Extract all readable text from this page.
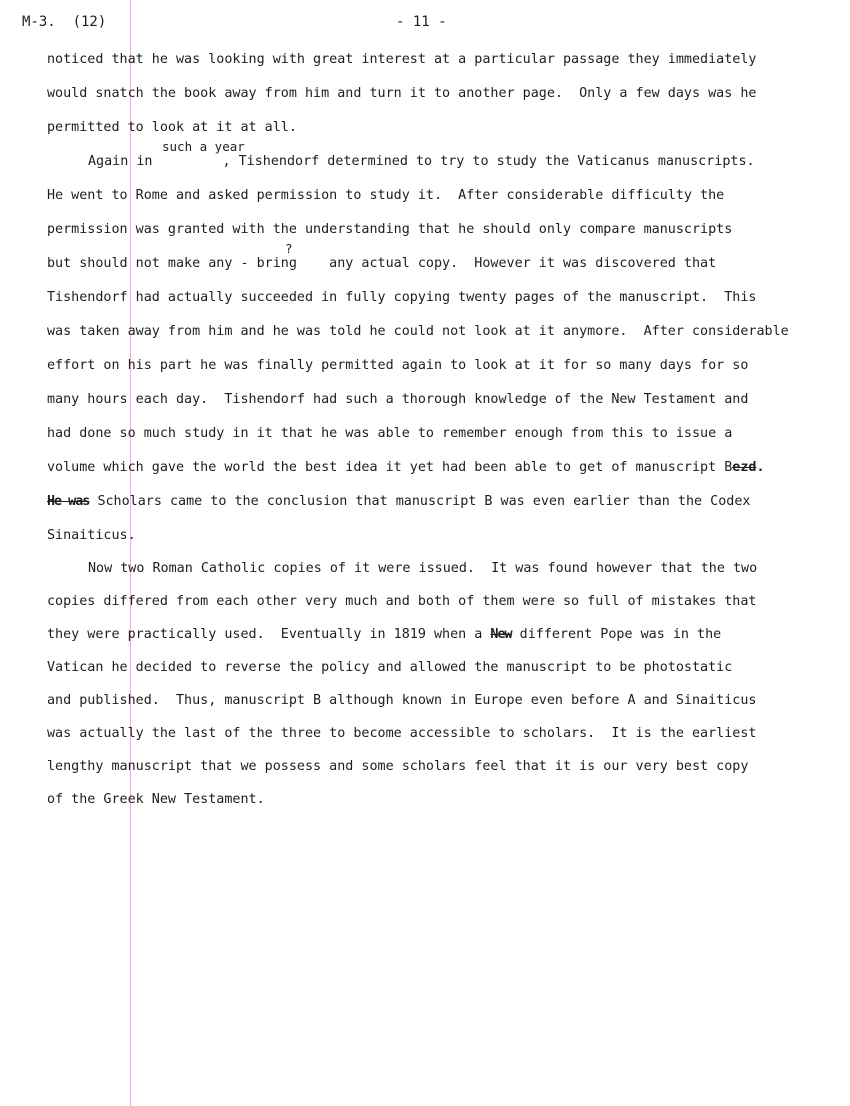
M-3. (12)	- 11 -
noticed that he was looking with great interest at a particular passage they immediately
would snatch the book away from him and turn it to another page.  Only a few days was he
permitted to look at it at all.
such a year
Again in	, Tishendorf determined to try to study the Vaticanus manuscripts.
He went to Rome and asked permission to study it.  After considerable difficulty the
permission was granted with the understanding that he should only compare manuscripts
?
but should not make any - bring any actual copy.  However it was discovered that
Tishendorf had actually succeeded in fully copying twenty pages of the manuscript.  This
was taken away from him and he was told he could not look at it anymore.  After considerable
effort on his part he was finally permitted again to look at it for so many days for so
many hours each day.  Tishendorf had such a thorough knowledge of the New Testament and
had done so much study in it that he was able to remember enough from this to issue a
volume which gave the world the best idea it yet had been able to get of manuscript Bezd.
He was Scholars came to the conclusion that manuscript B was even earlier than the Codex
Sinaiticus.
Now two Roman Catholic copies of it were issued.  It was found however that the two
copies differed from each other very much and both of them were so full of mistakes that
they were practically used.  Eventually in 1819 when a New different Pope was in the
Vatican he decided to reverse the policy and allowed the manuscript to be photostatic
and published.  Thus, manuscript B although known in Europe even before A and Sinaiticus
was actually the last of the three to become accessible to scholars.  It is the earliest
lengthy manuscript that we possess and some scholars feel that it is our very best copy
of the Greek New Testament.
